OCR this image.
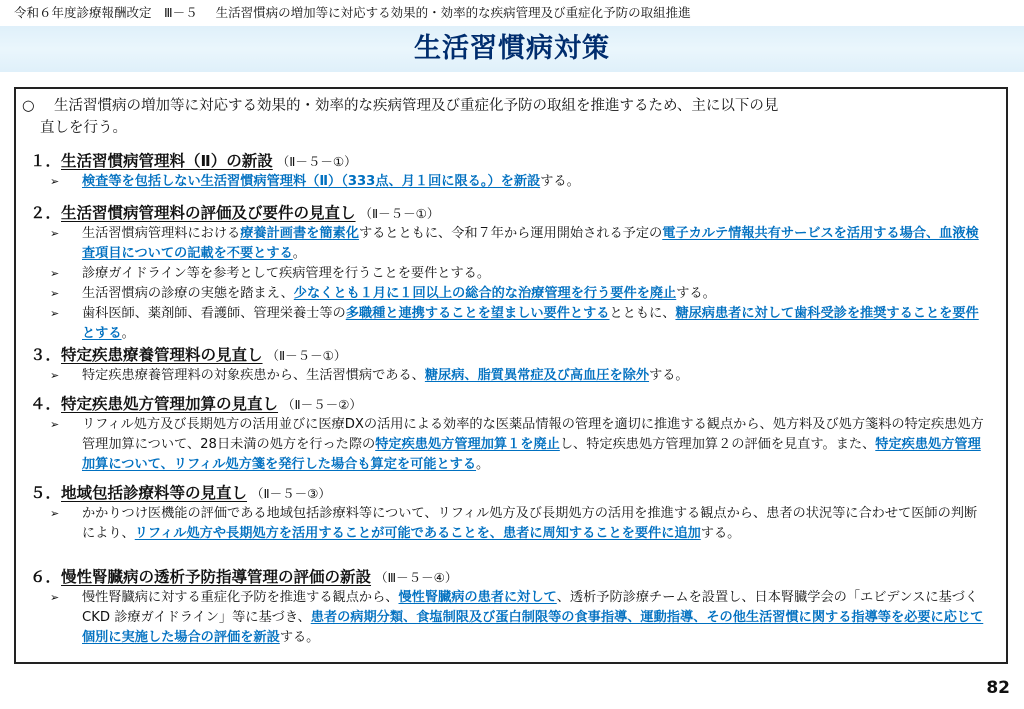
令和６年度診療報酬改定　Ⅲ－５ 生活習慣病の増加等に対応する効果的・効率的な疾病管理及び重症化予防の取組推進
生活習慣病対策
○ 生活習慣病の増加等に対応する効果的・効率的な疾病管理及び重症化予防の取組を推進するため、主に以下の見
直しを行う。
１．生活習慣病管理料（Ⅱ）の新設 （Ⅱ－５－①）
➢	検査等を包括しない生活習慣病管理料（Ⅱ）（333点、月１回に限る。）を新設する。
２．生活習慣病管理料の評価及び要件の見直し （Ⅱ－５－①）
➢	生活習慣病管理料における療養計画書を簡素化するとともに、令和７年から運用開始される予定の電子カルテ情報共有サービスを活用する場合、血液検査項目についての記載を不要とする。
➢	診療ガイドライン等を参考として疾病管理を行うことを要件とする。
➢	生活習慣病の診療の実態を踏まえ、少なくとも１月に１回以上の総合的な治療管理を行う要件を廃止する。
➢	歯科医師、薬剤師、看護師、管理栄養士等の多職種と連携することを望ましい要件とするとともに、糖尿病患者に対して歯科受診を推奨することを要件とする。
３．特定疾患療養管理料の見直し （Ⅱ－５－①）
➢	特定疾患療養管理料の対象疾患から、生活習慣病である、糖尿病、脂質異常症及び高血圧を除外する。
４．特定疾患処方管理加算の見直し （Ⅱ－５－②）
➢	リフィル処方及び長期処方の活用並びに医療DXの活用による効率的な医薬品情報の管理を適切に推進する観点から、処方料及び処方箋料の特定疾患処方管理加算について、28日未満の処方を行った際の特定疾患処方管理加算１を廃止し、特定疾患処方管理加算２の評価を見直す。また、特定疾患処方管理加算について、リフィル処方箋を発行した場合も算定を可能とする。
５．地域包括診療料等の見直し （Ⅱ－５－③）
➢	かかりつけ医機能の評価である地域包括診療料等について、リフィル処方及び長期処方の活用を推進する観点から、患者の状況等に合わせて医師の判断により、リフィル処方や長期処方を活用することが可能であることを、患者に周知することを要件に追加する。
６．慢性腎臓病の透析予防指導管理の評価の新設 （Ⅲ－５－④）
➢	慢性腎臓病に対する重症化予防を推進する観点から、慢性腎臓病の患者に対して、透析予防診療チームを設置し、日本腎臓学会の「エビデンスに基づくCKD 診療ガイドライン」等に基づき、患者の病期分類、食塩制限及び蛋白制限等の食事指導、運動指導、その他生活習慣に関する指導等を必要に応じて個別に実施した場合の評価を新設する。
82
